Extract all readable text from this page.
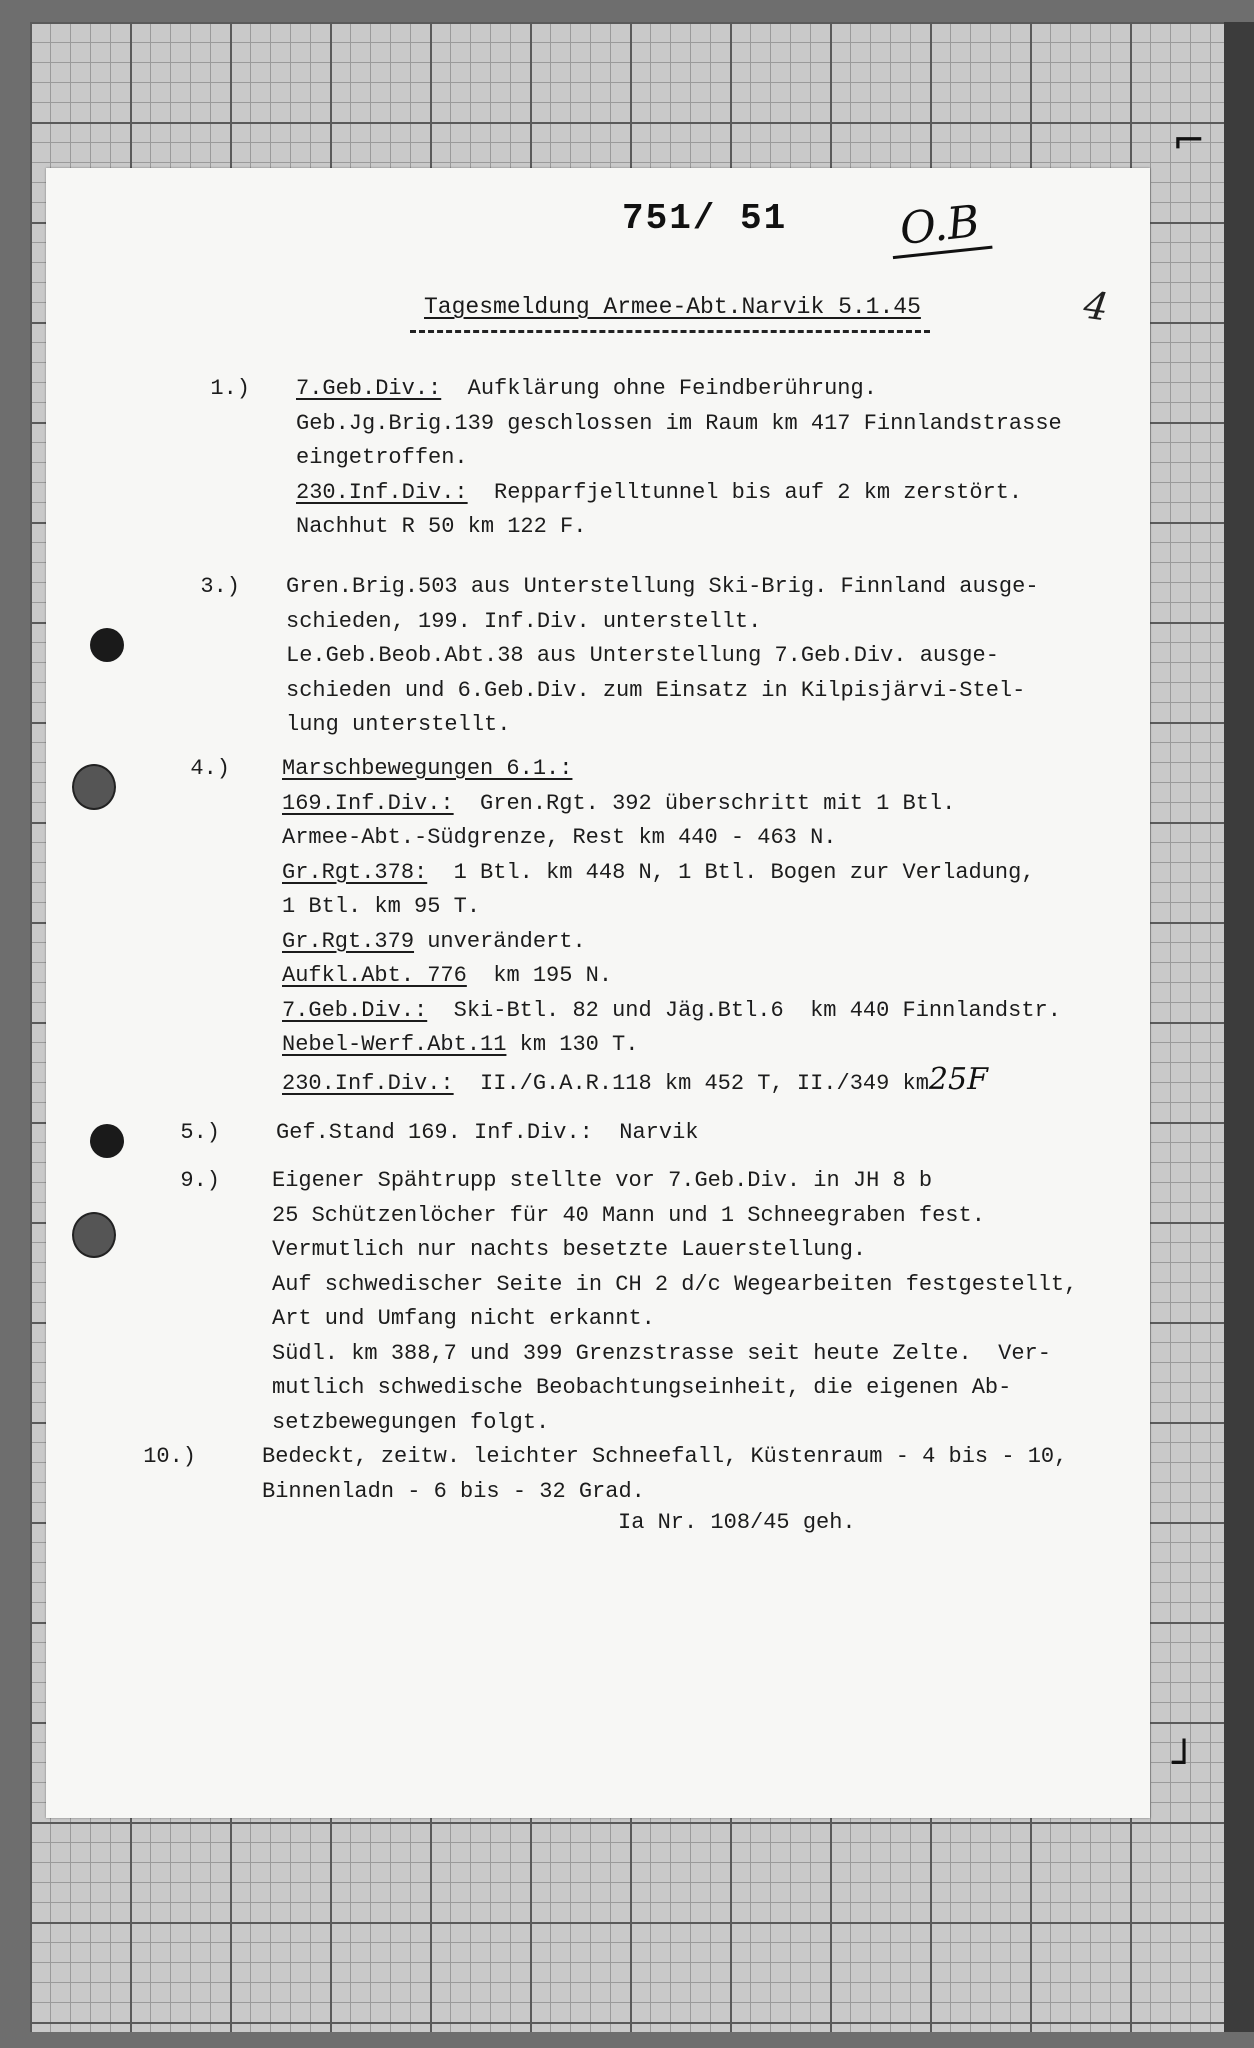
⌐
┘
751/ 51	O.B
4
Tagesmeldung Armee-Abt.Narvik 5.1.45
1.) 7.Geb.Div.:  Aufklärung ohne Feindberührung.
Geb.Jg.Brig.139 geschlossen im Raum km 417 Finnlandstrasse
eingetroffen.
230.Inf.Div.:  Repparfjelltunnel bis auf 2 km zerstört.
Nachhut R 50 km 122 F.
3.) Gren.Brig.503 aus Unterstellung Ski-Brig. Finnland ausge-
schieden, 199. Inf.Div. unterstellt.
Le.Geb.Beob.Abt.38 aus Unterstellung 7.Geb.Div. ausge-
schieden und 6.Geb.Div. zum Einsatz in Kilpisjärvi-Stel-
lung unterstellt.
4.) Marschbewegungen 6.1.:
169.Inf.Div.:  Gren.Rgt. 392 überschritt mit 1 Btl.
Armee-Abt.-Südgrenze, Rest km 440 - 463 N.
Gr.Rgt.378:  1 Btl. km 448 N, 1 Btl. Bogen zur Verladung,
1 Btl. km 95 T.
Gr.Rgt.379 unverändert.
Aufkl.Abt. 776  km 195 N.
7.Geb.Div.:  Ski-Btl. 82 und Jäg.Btl.6  km 440 Finnlandstr.
Nebel-Werf.Abt.11 km 130 T.
230.Inf.Div.:  II./G.A.R.118 km 452 T, II./349 km25F
5.)	Gef.Stand 169. Inf.Div.:  Narvik
9.) Eigener Spähtrupp stellte vor 7.Geb.Div. in JH 8 b
25 Schützenlöcher für 40 Mann und 1 Schneegraben fest.
Vermutlich nur nachts besetzte Lauerstellung.
Auf schwedischer Seite in CH 2 d/c Wegearbeiten festgestellt,
Art und Umfang nicht erkannt.
Südl. km 388,7 und 399 Grenzstrasse seit heute Zelte.  Ver-
mutlich schwedische Beobachtungseinheit, die eigenen Ab-
setzbewegungen folgt.
10.)	Bedeckt, zeitw. leichter Schneefall, Küstenraum - 4 bis - 10,
Binnenladn - 6 bis - 32 Grad.
Ia Nr. 108/45 geh.
